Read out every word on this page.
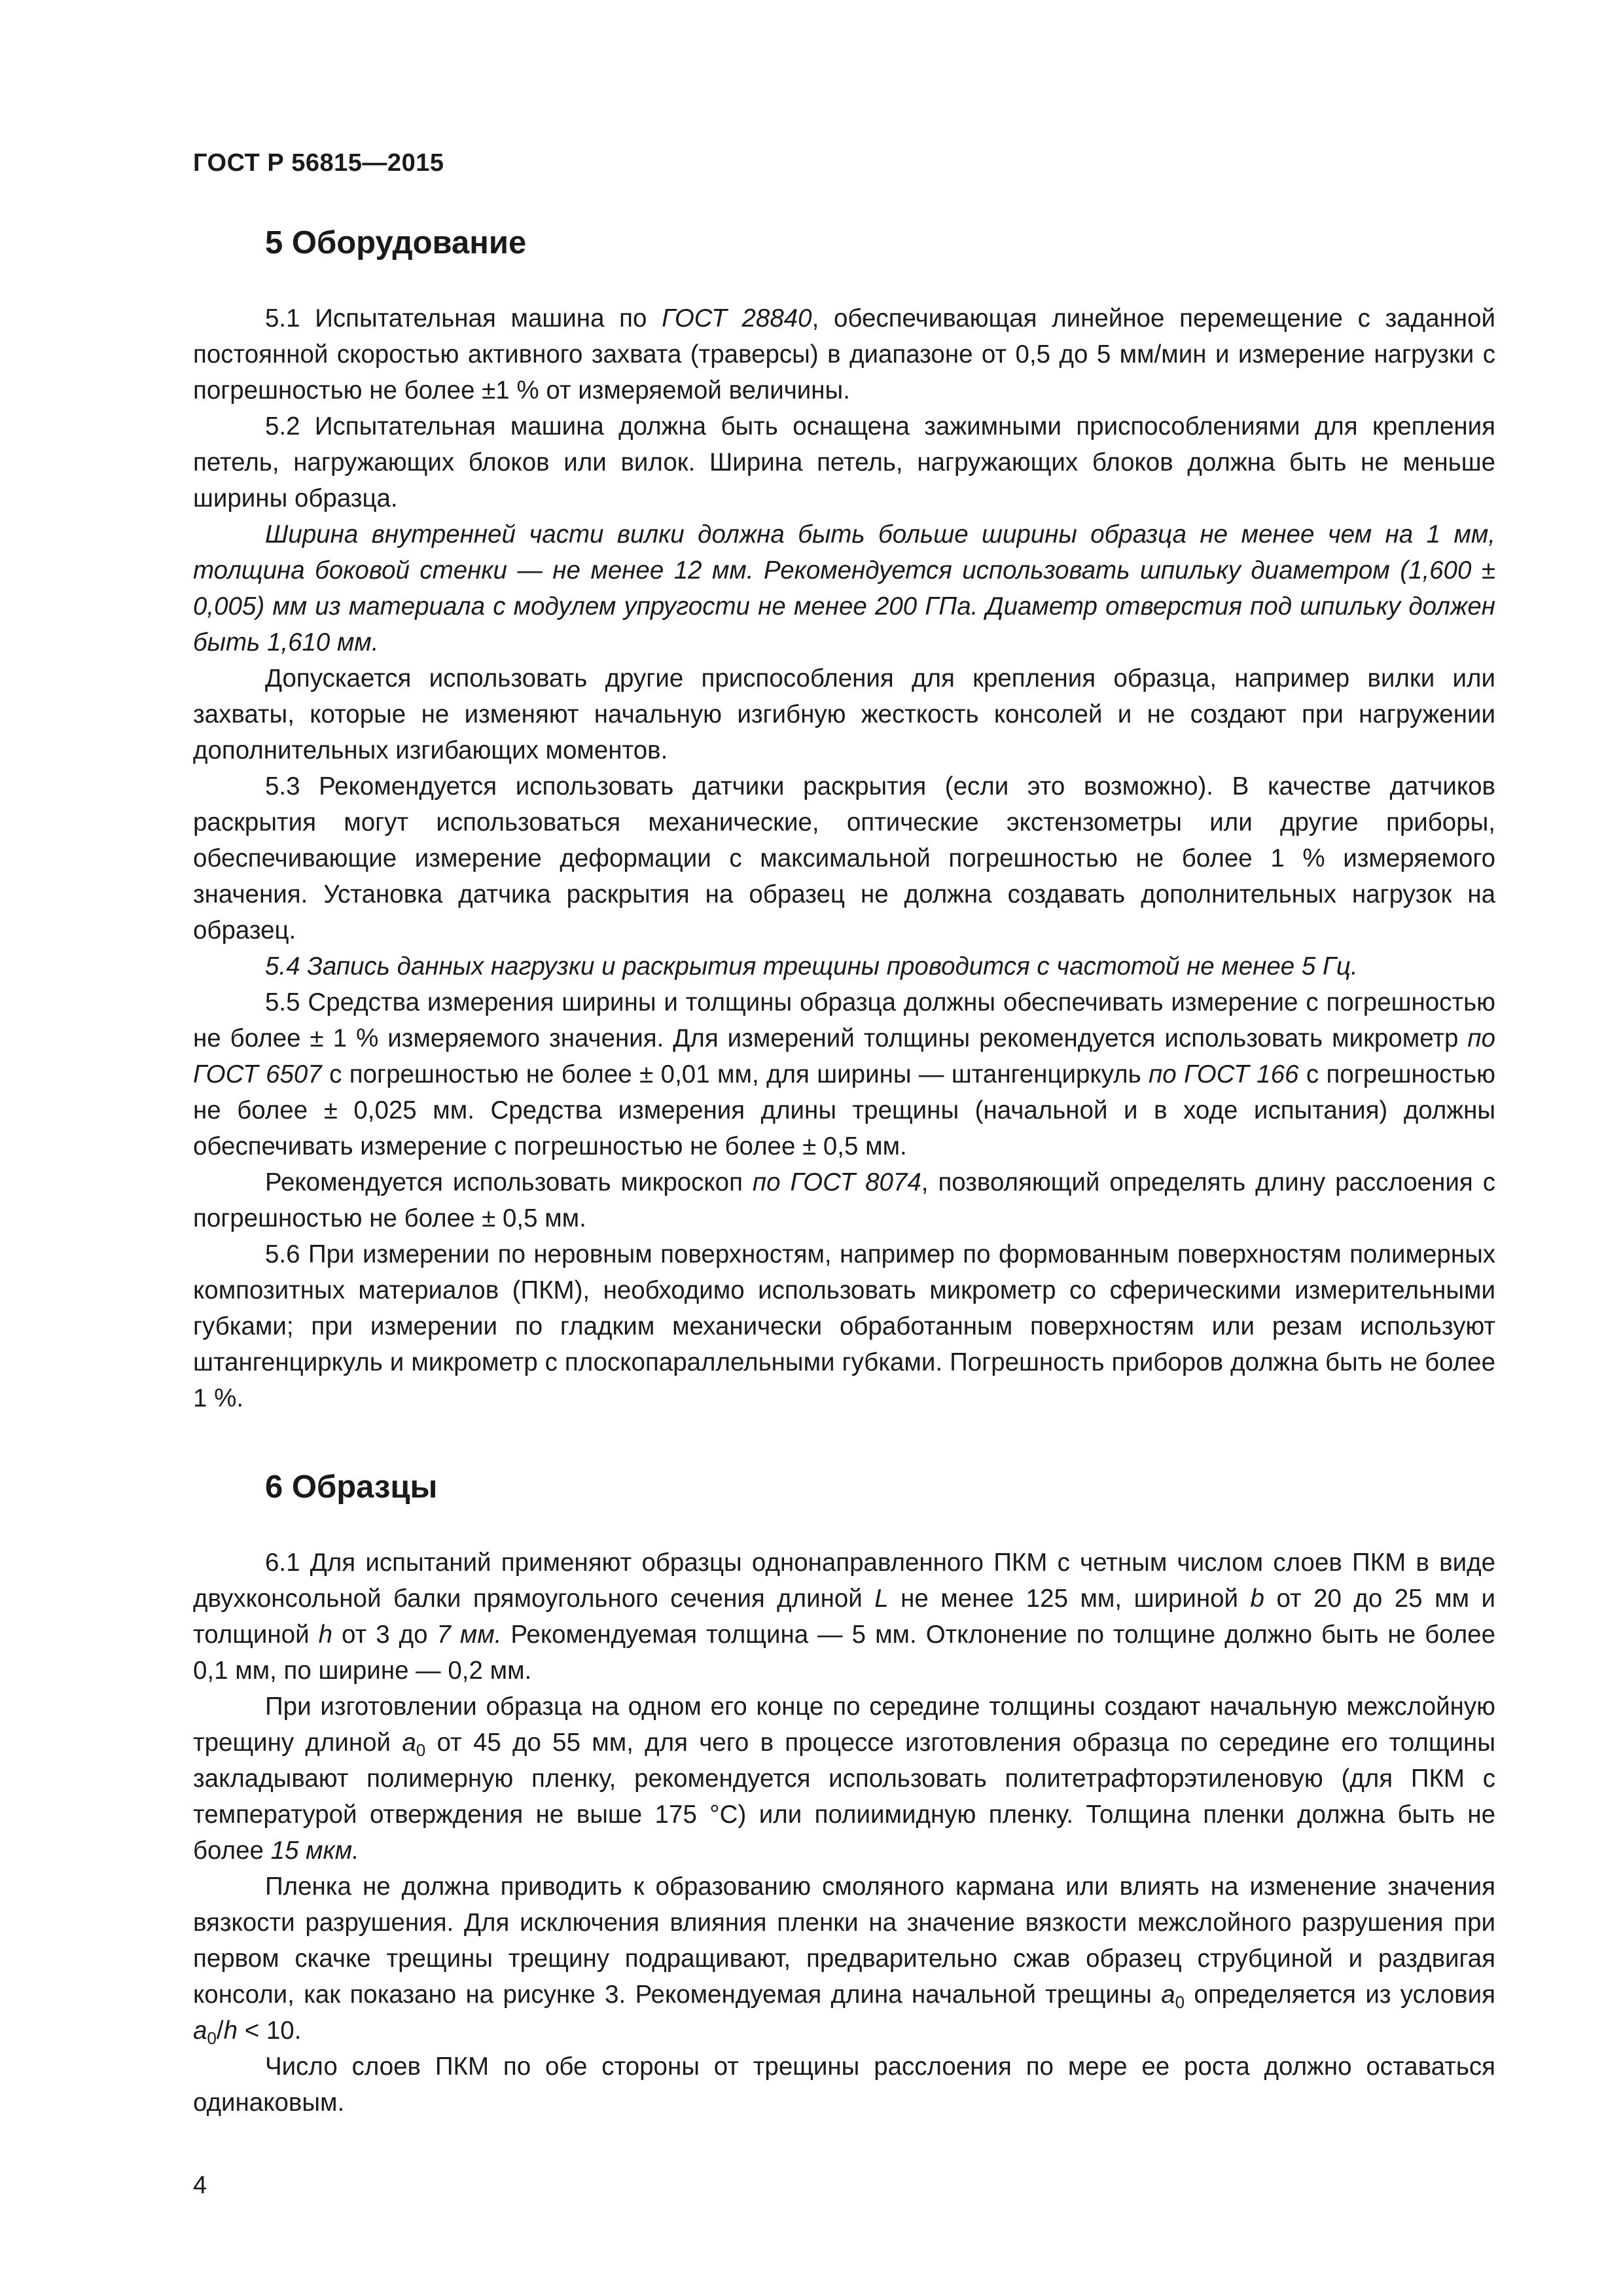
ГОСТ Р 56815—2015
5 Оборудование

5.1 Испытательная машина по ГОСТ 28840, обеспечивающая линейное перемещение с заданной постоянной скоростью активного захвата (траверсы) в диапазоне от 0,5 до 5 мм/мин и измерение нагрузки с погрешностью не более ±1 % от измеряемой величины.

5.2 Испытательная машина должна быть оснащена зажимными приспособлениями для крепления петель, нагружающих блоков или вилок. Ширина петель, нагружающих блоков должна быть не меньше ширины образца.

Ширина внутренней части вилки должна быть больше ширины образца не менее чем на 1 мм, толщина боковой стенки — не менее 12 мм. Рекомендуется использовать шпильку диаметром (1,600 ± 0,005) мм из материала с модулем упругости не менее 200 ГПа. Диаметр отверстия под шпильку должен быть 1,610 мм.

Допускается использовать другие приспособления для крепления образца, например вилки или захваты, которые не изменяют начальную изгибную жесткость консолей и не создают при нагружении дополнительных изгибающих моментов.

5.3 Рекомендуется использовать датчики раскрытия (если это возможно). В качестве датчиков раскрытия могут использоваться механические, оптические экстензометры или другие приборы, обеспечивающие измерение деформации с максимальной погрешностью не более 1 % измеряемого значения. Установка датчика раскрытия на образец не должна создавать дополнительных нагрузок на образец.

5.4 Запись данных нагрузки и раскрытия трещины проводится с частотой не менее 5 Гц.

5.5 Средства измерения ширины и толщины образца должны обеспечивать измерение с погрешностью не более ± 1 % измеряемого значения. Для измерений толщины рекомендуется использовать микрометр по ГОСТ 6507 с погрешностью не более ± 0,01 мм, для ширины — штангенциркуль по ГОСТ 166 с погрешностью не более ± 0,025 мм. Средства измерения длины трещины (начальной и в ходе испытания) должны обеспечивать измерение с погрешностью не более ± 0,5 мм.

Рекомендуется использовать микроскоп по ГОСТ 8074, позволяющий определять длину расслоения с погрешностью не более ± 0,5 мм.

5.6 При измерении по неровным поверхностям, например по формованным поверхностям полимерных композитных материалов (ПКМ), необходимо использовать микрометр со сферическими измерительными губками; при измерении по гладким механически обработанным поверхностям или резам используют штангенциркуль и микрометр с плоскопараллельными губками. Погрешность приборов должна быть не более 1 %.

6 Образцы

6.1 Для испытаний применяют образцы однонаправленного ПКМ с четным числом слоев ПКМ в виде двухконсольной балки прямоугольного сечения длиной L не менее 125 мм, шириной b от 20 до 25 мм и толщиной h от 3 до 7 мм. Рекомендуемая толщина — 5 мм. Отклонение по толщине должно быть не более 0,1 мм, по ширине — 0,2 мм.

При изготовлении образца на одном его конце по середине толщины создают начальную межслойную трещину длиной $a_0$ от 45 до 55 мм, для чего в процессе изготовления образца по середине его толщины закладывают полимерную пленку, рекомендуется использовать политетрафторэтиленовую (для ПКМ с температурой отверждения не выше 175 °С) или полиимидную пленку. Толщина пленки должна быть не более 15 мкм.

Пленка не должна приводить к образованию смоляного кармана или влиять на изменение значения вязкости разрушения. Для исключения влияния пленки на значение вязкости межслойного разрушения при первом скачке трещины трещину подращивают, предварительно сжав образец струбциной и раздвигая консоли, как показано на рисунке 3. Рекомендуемая длина начальной трещины $a_0$ определяется из условия $a_0/h < 10$.

Число слоев ПКМ по обе стороны от трещины расслоения по мере ее роста должно оставаться одинаковым.

4
